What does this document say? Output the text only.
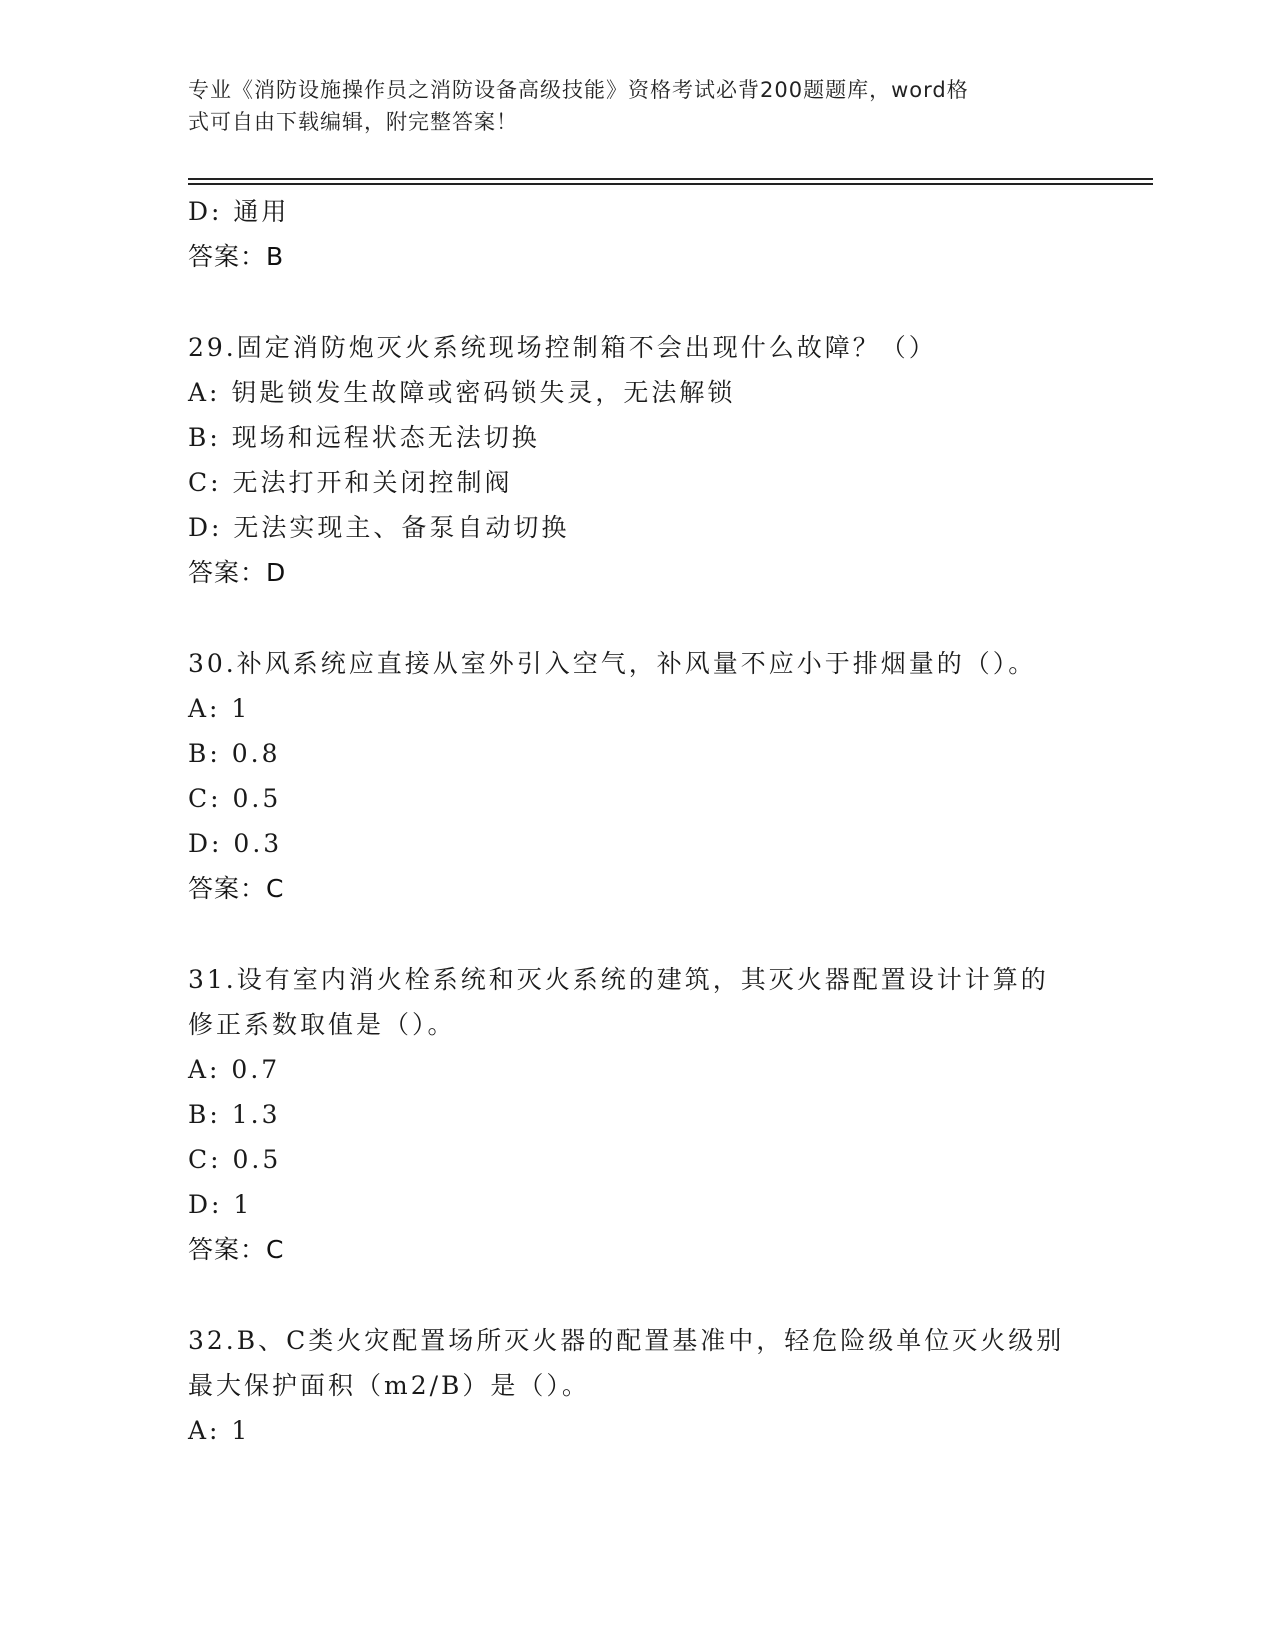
专业《消防设施操作员之消防设备高级技能》资格考试必背200题题库，word格
式可自由下载编辑，附完整答案！
D: 通用
答案：B
29.固定消防炮灭火系统现场控制箱不会出现什么故障？（）
A: 钥匙锁发生故障或密码锁失灵，无法解锁
B: 现场和远程状态无法切换
C: 无法打开和关闭控制阀
D: 无法实现主、备泵自动切换
答案：D
30.补风系统应直接从室外引入空气，补风量不应小于排烟量的（）。
A: 1
B: 0.8
C: 0.5
D: 0.3
答案：C
31.设有室内消火栓系统和灭火系统的建筑，其灭火器配置设计计算的
修正系数取值是（）。
A: 0.7
B: 1.3
C: 0.5
D: 1
答案：C
32.B、C类火灾配置场所灭火器的配置基准中，轻危险级单位灭火级别
最大保护面积（m2/B）是（）。
A: 1
